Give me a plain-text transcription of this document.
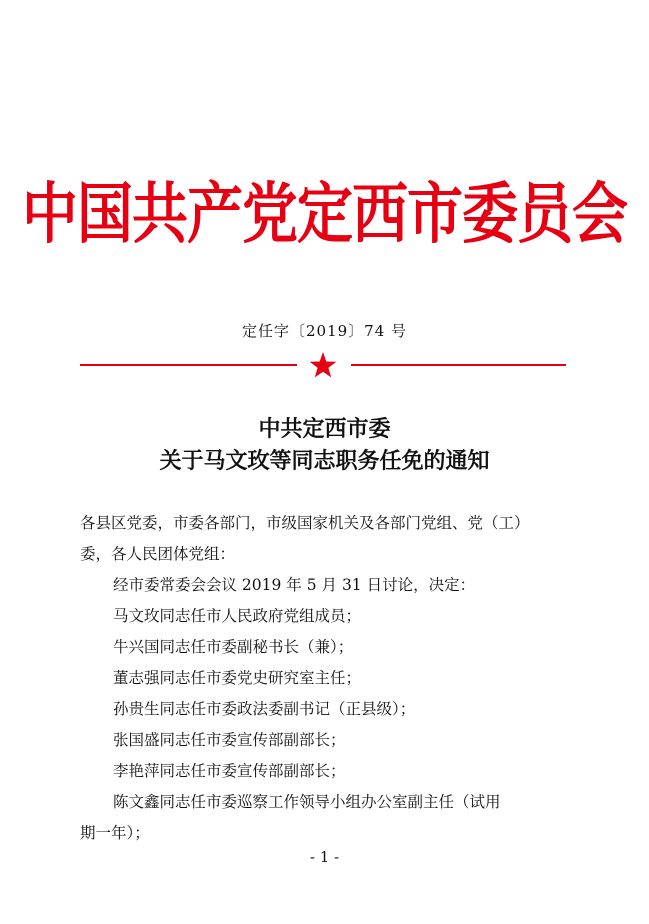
中国共产党定西市委员会
定任字〔2019〕74 号
中共定西市委
关于马文玫等同志职务任免的通知
各县区党委，市委各部门，市级国家机关及各部门党组、党（工）
委，各人民团体党组：
经市委常委会会议 2019 年 5 月 31 日讨论，决定：
马文玫同志任市人民政府党组成员；
牛兴国同志任市委副秘书长（兼）；
董志强同志任市委党史研究室主任；
孙贵生同志任市委政法委副书记（正县级）；
张国盛同志任市委宣传部副部长；
李艳萍同志任市委宣传部副部长；
陈文鑫同志任市委巡察工作领导小组办公室副主任（试用
期一年）；
- 1 -
